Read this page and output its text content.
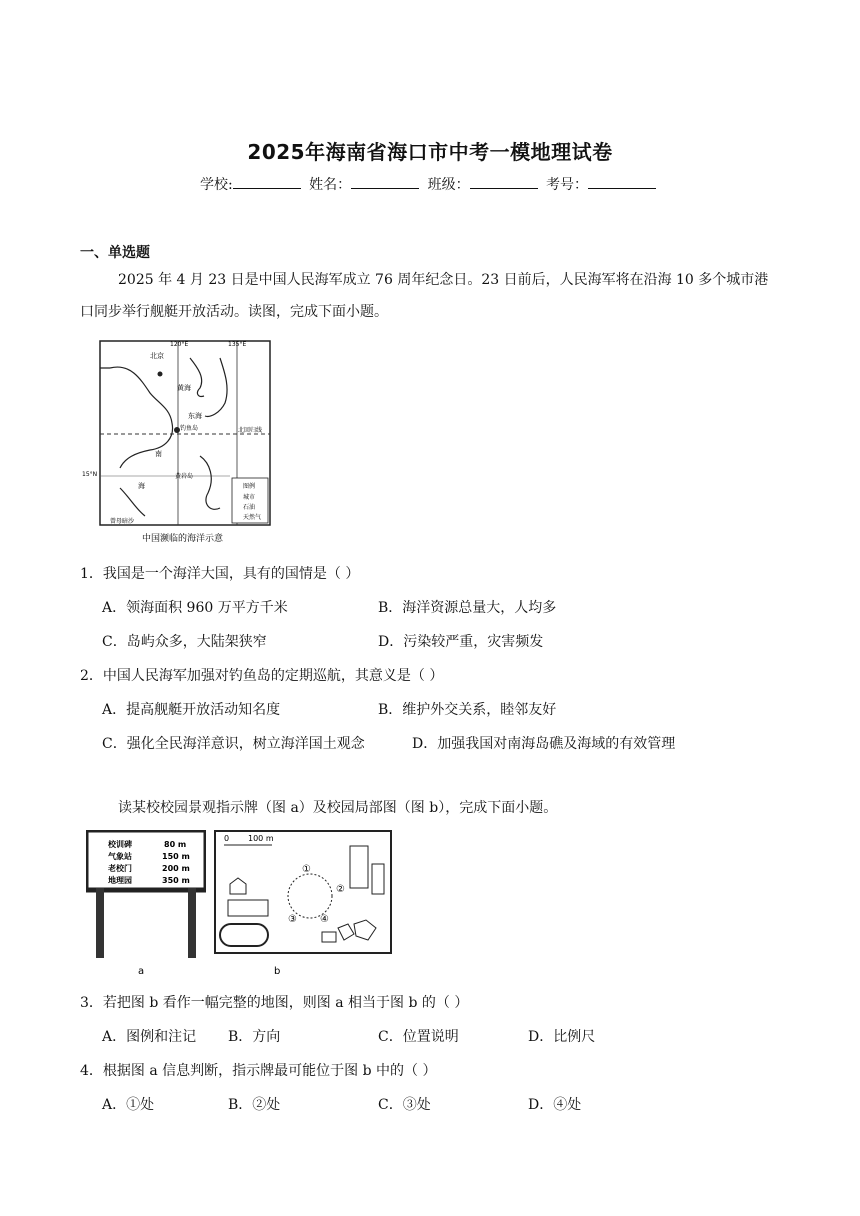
2025年海南省海口市中考一模地理试卷
学校:	姓名：	班级：	考号：
一、单选题
2025 年 4 月 23 日是中国人民海军成立 76 周年纪念日。23 日前后，人民海军将在沿海 10 多个城市港
口同步举行舰艇开放活动。读图，完成下面小题。
图例
城市
石油
天然气
120°E	135°E
15°N
北京
黄海
东海
钓鱼岛
南
海
黄岩岛
北回归线
曾母暗沙
中国濒临的海洋示意
1．我国是一个海洋大国，具有的国情是（ ）
A．领海面积 960 万平方千米	B．海洋资源总量大，人均多
C．岛屿众多，大陆架狭窄	D．污染较严重，灾害频发
2．中国人民海军加强对钓鱼岛的定期巡航，其意义是（ ）
A．提高舰艇开放活动知名度	B．维护外交关系，睦邻友好
C．强化全民海洋意识，树立海洋国土观念	D．加强我国对南海岛礁及海域的有效管理
读某校校园景观指示牌（图 a）及校园局部图（图 b），完成下面小题。
校训碑	80 m
气象站	150 m
老校门	200 m
地理园	350 m
a
0 100 m
①
②
③ ④
b
3．若把图 b 看作一幅完整的地图，则图 a 相当于图 b 的（ ）
A．图例和注记 B．方向	C．位置说明	D．比例尺
4．根据图 a 信息判断，指示牌最可能位于图 b 中的（ ）
A．①处	B．②处	C．③处	D．④处
